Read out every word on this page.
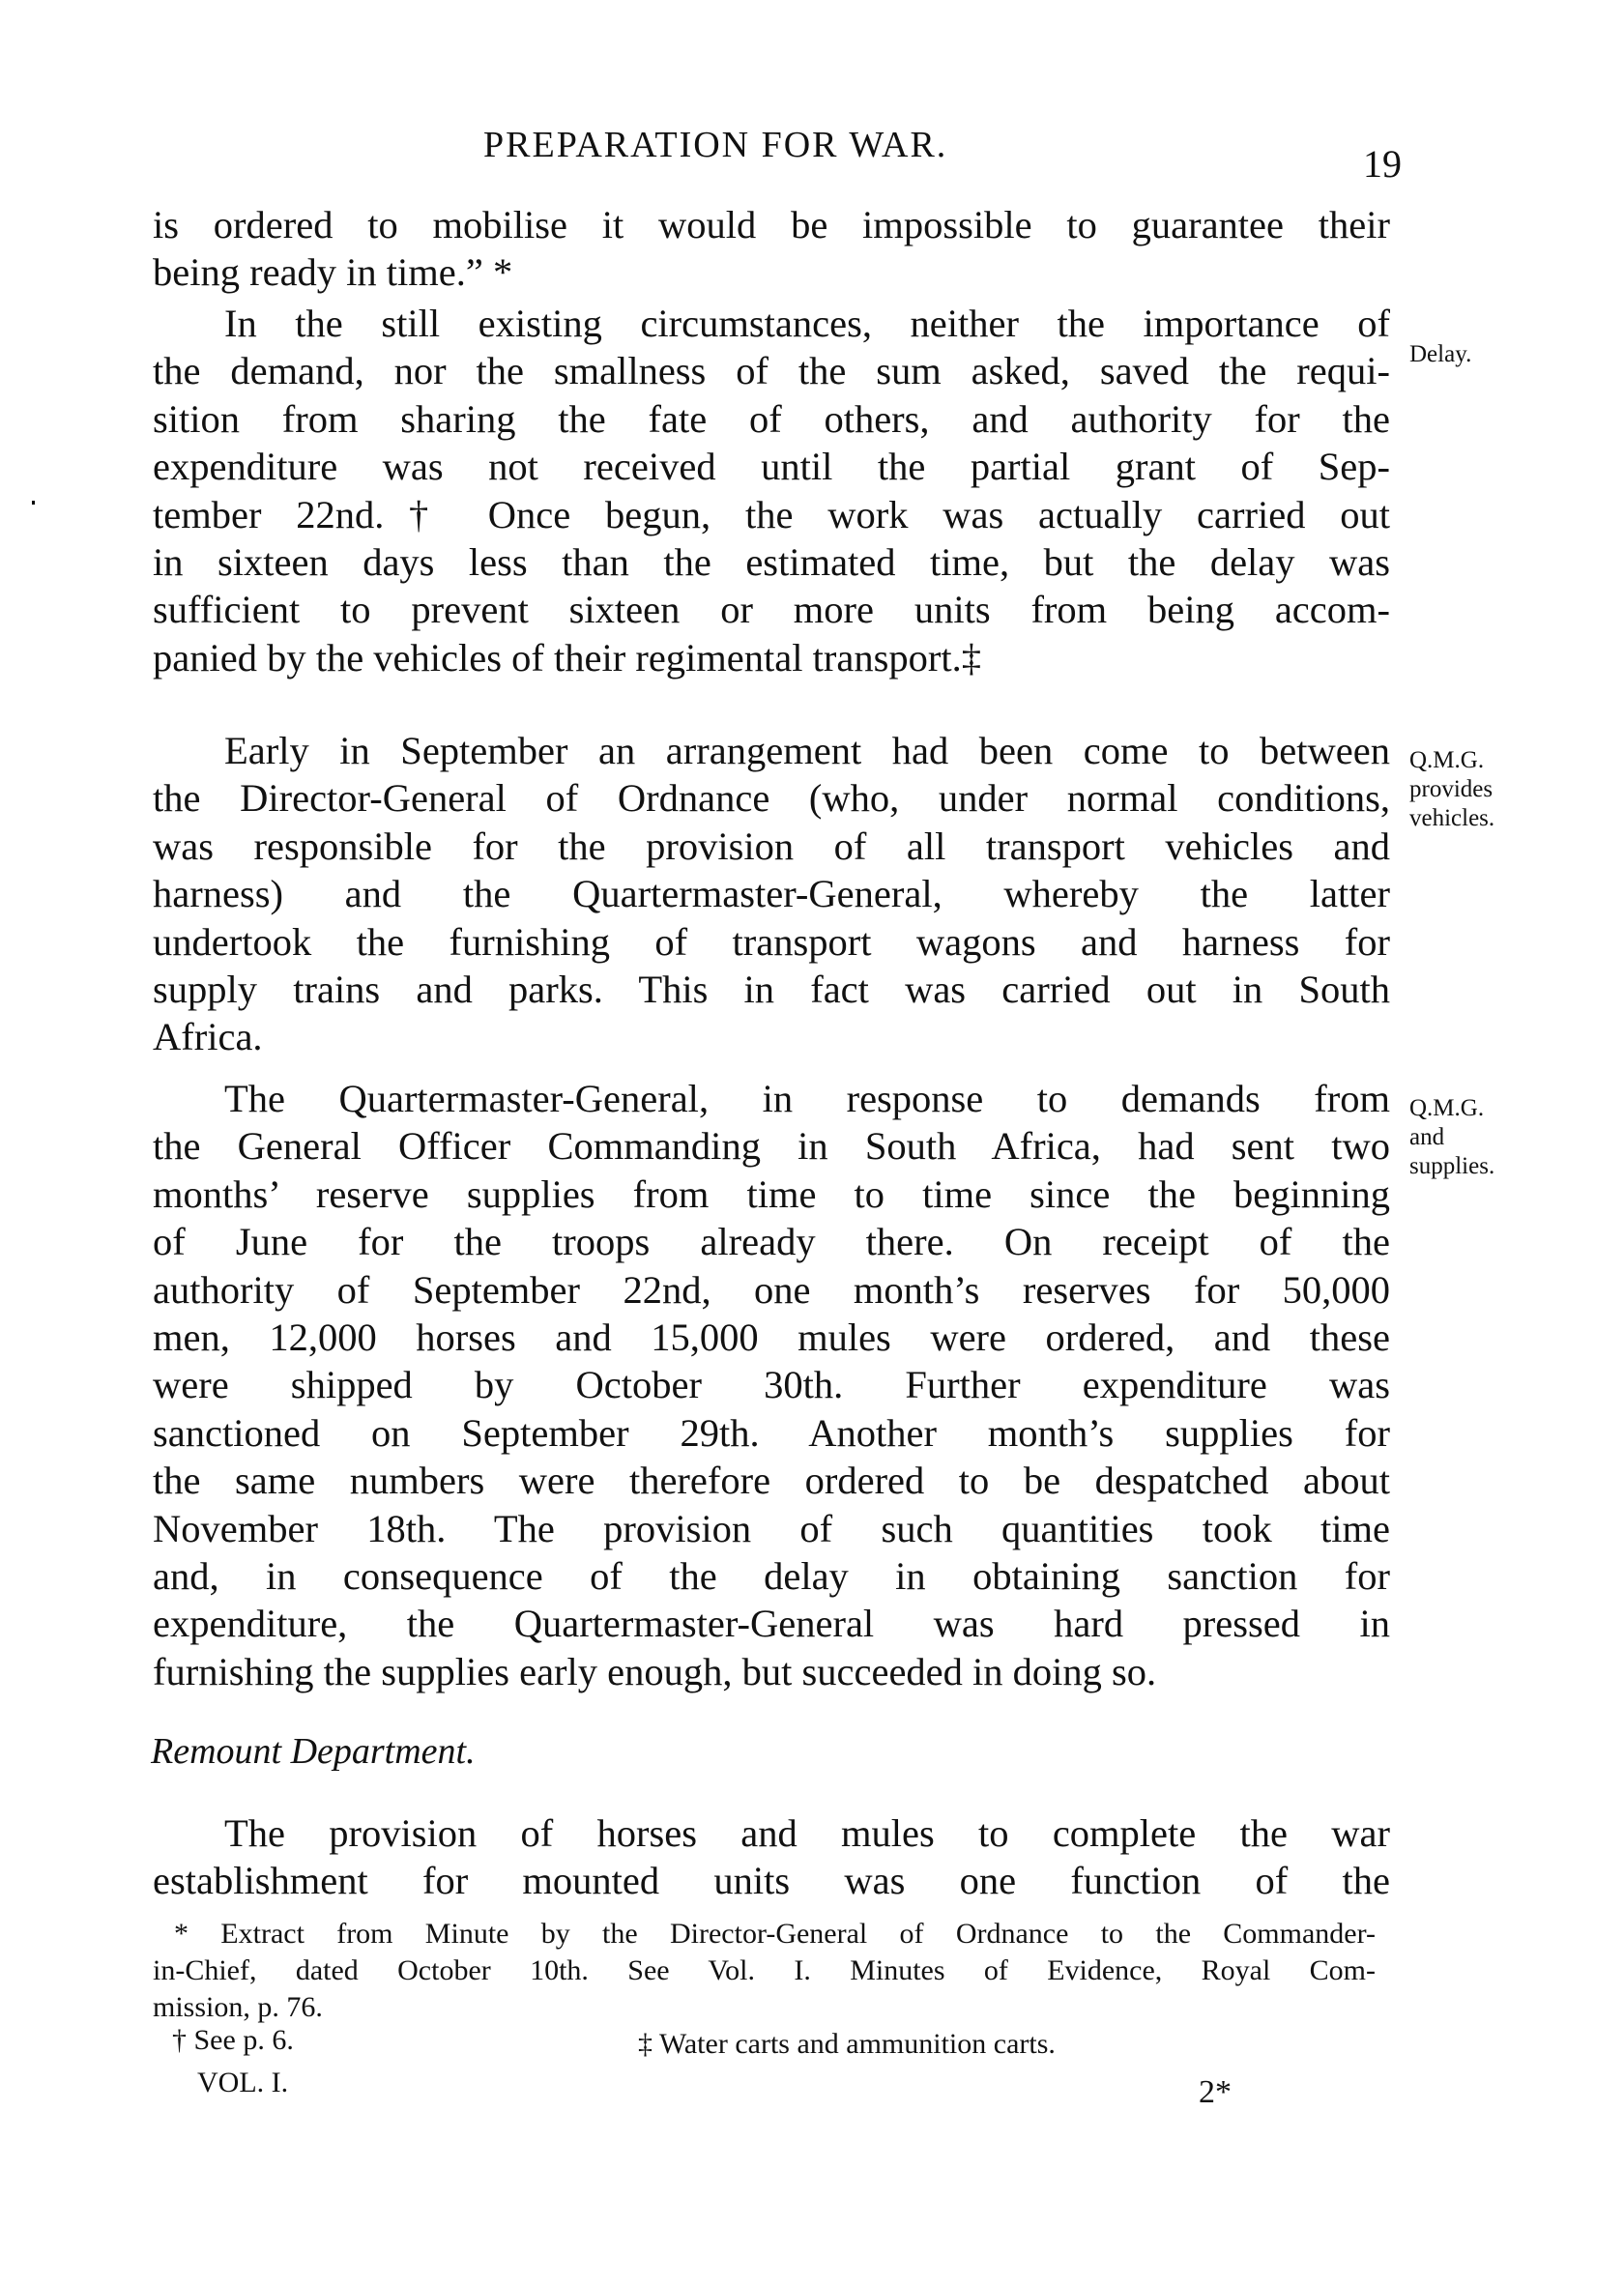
PREPARATION FOR WAR.	19
is ordered to mobilise it would be impossible to guarantee their
being ready in time.” *
In the still existing circumstances, neither the importance of
the demand, nor the smallness of the sum asked, saved the requi-
sition from sharing the fate of others, and authority for the
expenditure was not received until the partial grant of Sep-
tember 22nd.† Once begun, the work was actually carried out
in sixteen days less than the estimated time, but the delay was
sufficient to prevent sixteen or more units from being accom-
panied by the vehicles of their regimental transport.‡
Delay.
Early in September an arrangement had been come to between
the Director-General of Ordnance (who, under normal conditions,
was responsible for the provision of all transport vehicles and
harness) and the Quartermaster-General, whereby the latter
undertook the furnishing of transport wagons and harness for
supply trains and parks. This in fact was carried out in South
Africa.
Q.M.G.
provides
vehicles.
The Quartermaster-General, in response to demands from
the General Officer Commanding in South Africa, had sent two
months’ reserve supplies from time to time since the beginning
of June for the troops already there. On receipt of the
authority of September 22nd, one month’s reserves for 50,000
men, 12,000 horses and 15,000 mules were ordered, and these
were shipped by October 30th. Further expenditure was
sanctioned on September 29th. Another month’s supplies for
the same numbers were therefore ordered to be despatched about
November 18th. The provision of such quantities took time
and, in consequence of the delay in obtaining sanction for
expenditure, the Quartermaster-General was hard pressed in
furnishing the supplies early enough, but succeeded in doing so.
Q.M.G.
and
supplies.
Remount Department.
The provision of horses and mules to complete the war
establishment for mounted units was one function of the
* Extract from Minute by the Director-General of Ordnance to the Commander-
in-Chief, dated October 10th. See Vol. I. Minutes of Evidence, Royal Com-
mission, p. 76.
† See p. 6.	‡ Water carts and ammunition carts.
VOL. I.	2*
